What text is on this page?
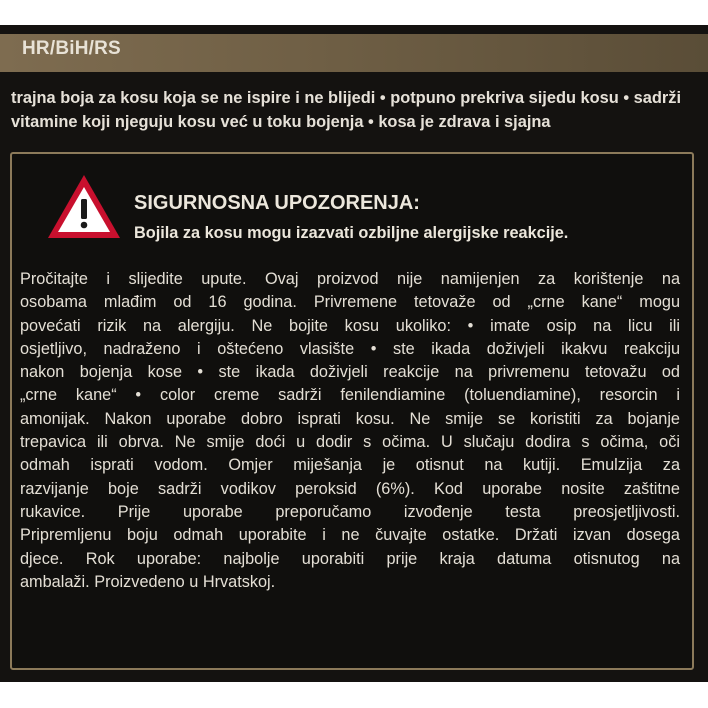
HR/BiH/RS

trajna boja za kosu koja se ne ispire i ne blijedi • potpuno prekriva sijedu kosu • sadrži

vitamine koji njeguju kosu već u toku bojenja • kosa je zdrava i sjajna

SIGURNOSNA UPOZORENJA:
Bojila za kosu mogu izazvati ozbiljne alergijske reakcije.

Pročitajte i slijedite upute. Ovaj proizvod nije namijenjen za korištenje na

osobama mlađim od 16 godina. Privremene tetovaže od „crne kane“ mogu

povećati rizik na alergiju. Ne bojite kosu ukoliko: • imate osip na licu ili

osjetljivo, nadraženo i oštećeno vlasište • ste ikada doživjeli ikakvu reakciju

nakon bojenja kose • ste ikada doživjeli reakcije na privremenu tetovažu od

„crne kane“ • color creme sadrži fenilendiamine (toluendiamine), resorcin i

amonijak. Nakon uporabe dobro isprati kosu. Ne smije se koristiti za bojanje

trepavica ili obrva. Ne smije doći u dodir s očima. U slučaju dodira s očima, oči

odmah isprati vodom. Omjer miješanja je otisnut na kutiji. Emulzija za

razvijanje boje sadrži vodikov peroksid (6%). Kod uporabe nosite zaštitne

rukavice. Prije uporabe preporučamo izvođenje testa preosjetljivosti.

Pripremljenu boju odmah uporabite i ne čuvajte ostatke. Držati izvan dosega

djece. Rok uporabe: najbolje uporabiti prije kraja datuma otisnutog na

ambalaži. Proizvedeno u Hrvatskoj.
